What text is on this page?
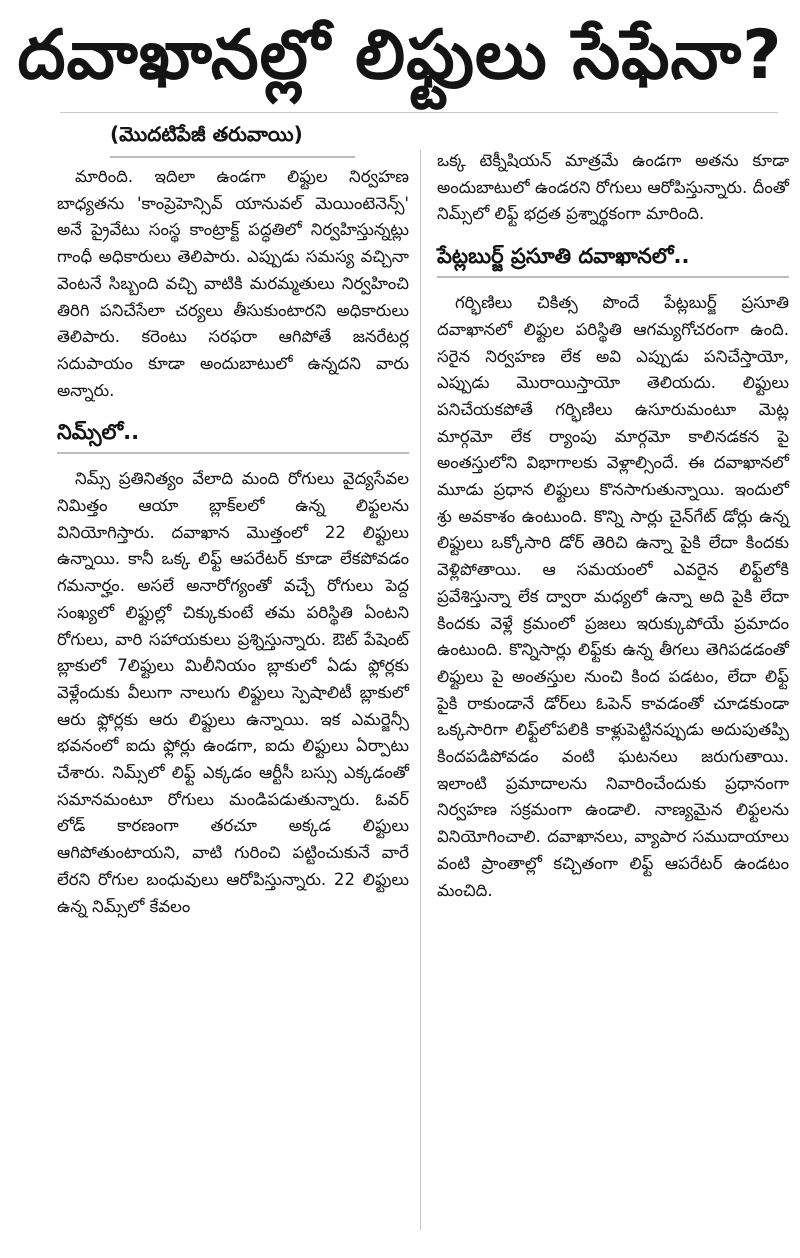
దవాఖానల్లో లిఫ్టులు సేఫేనా?
(మొదటిపేజీ తరువాయి)

మారింది. ఇదిలా ఉండగా లిఫ్టుల నిర్వహణ బాధ్యతను 'కాంప్రెహెన్సివ్ యానువల్ మెయింటెనెన్స్' అనే ప్రైవేటు సంస్థ కాంట్రాక్ట్ పద్ధతిలో నిర్వహిస్తున్నట్లు గాంధీ అధికారులు తెలిపారు. ఎప్పుడు సమస్య వచ్చినా వెంటనే సిబ్బంది వచ్చి వాటికి మరమ్మతులు నిర్వహించి తిరిగి పనిచేసేలా చర్యలు తీసుకుంటారని అధికారులు తెలిపారు. కరెంటు సరఫరా ఆగిపోతే జనరేటర్ల సదుపాయం కూడా అందుబాటులో ఉన్నదని వారు అన్నారు.

నిమ్స్‌లో..

నిమ్స్ ప్రతినిత్యం వేలాది మంది రోగులు వైద్యసేవల నిమిత్తం ఆయా బ్లాక్‌లలో ఉన్న లిఫ్టలను వినియోగిస్తారు. దవాఖాన మొత్తంలో 22 లిఫ్టులు ఉన్నాయి. కానీ ఒక్క లిఫ్ట్ ఆపరేటర్ కూడా లేకపోవడం గమనార్హం. అసలే అనారోగ్యంతో వచ్చే రోగులు పెద్ద సంఖ్యలో లిఫ్టుల్లో చిక్కుకుంటే తమ పరిస్థితి ఏంటని రోగులు, వారి సహాయకులు ప్రశ్నిస్తున్నారు. ఔట్ పేషెంట్ బ్లాకులో 7లిఫ్టులు మిలీనియం బ్లాకులో ఏడు ఫ్లోర్లకు వెళ్లేందుకు వీలుగా నాలుగు లిఫ్టులు స్పెషాలిటీ బ్లాకులో ఆరు ఫ్లోర్లకు ఆరు లిఫ్టులు ఉన్నాయి. ఇక ఎమర్జెన్సీ భవనంలో ఐదు ఫ్లోర్లు ఉండగా, ఐదు లిఫ్టులు ఏర్పాటు చేశారు. నిమ్స్‌లో లిఫ్ట్ ఎక్కడం ఆర్టీసీ బస్సు ఎక్కడంతో సమానమంటూ రోగులు మండిపడుతున్నారు. ఓవర్ లోడ్ కారణంగా తరచూ అక్కడ లిఫ్టులు ఆగిపోతుంటాయని, వాటి గురించి పట్టించుకునే వారే లేరని రోగుల బంధువులు ఆరోపిస్తున్నారు. 22 లిఫ్టులు ఉన్న నిమ్స్‌లో కేవలం

ఒక్క టెక్నీషియన్ మాత్రమే ఉండగా అతను కూడా అందుబాటులో ఉండరని రోగులు ఆరోపిస్తున్నారు. దీంతో నిమ్స్‌లో లిఫ్ట్ భద్రత ప్రశ్నార్థకంగా మారింది.

పేట్లబుర్జ్ ప్రసూతి దవాఖానలో..

గర్భిణిలు చికిత్స పొందే పేట్లబుర్జ్ ప్రసూతి దవాఖానలో లిఫ్టుల పరిస్థితి ఆగమ్యగోచరంగా ఉంది. సరైన నిర్వహణ లేక అవి ఎప్పుడు పనిచేస్తాయో, ఎప్పుడు మొరాయిస్తాయో తెలియదు. లిఫ్టులు పనిచేయకపోతే గర్భిణిలు ఉసూరుమంటూ మెట్ల మార్గమో లేక ర్యాంపు మార్గమో కాలినడకన పై అంతస్తులోని విభాగాలకు వెళ్లాల్సిందే. ఈ దవాఖానలో మూడు ప్రధాన లిఫ్టులు కొనసాగుతున్నాయి. ఇందులో శ్రు అవకాశం ఉంటుంది. కొన్ని సార్లు చైన్‌గేట్ డోర్లు ఉన్న లిఫ్టులు ఒక్కోసారి డోర్ తెరిచి ఉన్నా పైకి లేదా కిందకు వెళ్లిపోతాయి. ఆ సమయంలో ఎవరైన లిఫ్ట్‌లోకి ప్రవేశిస్తున్నా లేక ద్వారా మధ్యలో ఉన్నా అది పైకి లేదా కిందకు వెళ్లే క్రమంలో ప్రజలు ఇరుక్కుపోయే ప్రమాదం ఉంటుంది. కొన్నిసార్లు లిఫ్ట్‌కు ఉన్న తీగలు తెగిపడడంతో లిఫ్టులు పై అంతస్తుల నుంచి కింద పడటం, లేదా లిఫ్ట్ పైకి రాకుండానే డోర్‌లు ఓపెన్ కావడంతో చూడకుండా ఒక్కసారిగా లిఫ్ట్‌లోపలికి కాళ్లుపెట్టినప్పుడు అదుపుతప్పి కిందపడిపోవడం వంటి ఘటనలు జరుగుతాయి. ఇలాంటి ప్రమాదాలను నివారించేందుకు ప్రధానంగా నిర్వహణ సక్రమంగా ఉండాలి. నాణ్యమైన లిఫ్టలను వినియోగించాలి. దవాఖానలు, వ్యాపార సముదాయాలు వంటి ప్రాంతాల్లో కచ్చితంగా లిఫ్ట్ ఆపరేటర్ ఉండటం మంచిది.
